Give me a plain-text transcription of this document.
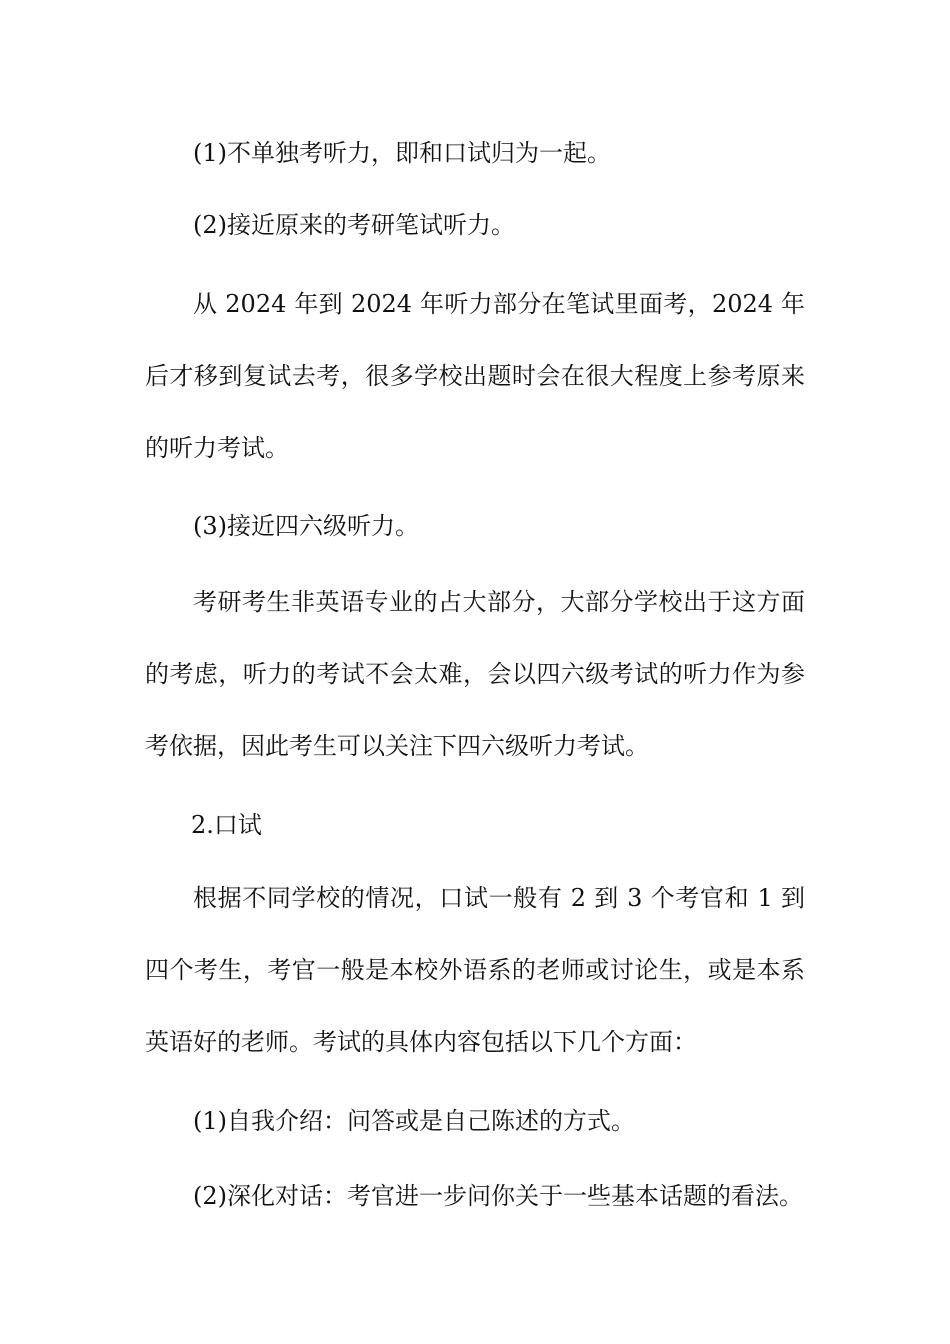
(1)不单独考听力，即和口试归为一起。

(2)接近原来的考研笔试听力。

从 2024 年到 2024 年听力部分在笔试里面考，2024 年后才移到复试去考，很多学校出题时会在很大程度上参考原来的听力考试。

(3)接近四六级听力。

考研考生非英语专业的占大部分，大部分学校出于这方面的考虑，听力的考试不会太难，会以四六级考试的听力作为参考依据，因此考生可以关注下四六级听力考试。

2.口试

根据不同学校的情况，口试一般有 2 到 3 个考官和 1 到四个考生，考官一般是本校外语系的老师或讨论生，或是本系英语好的老师。考试的具体内容包括以下几个方面：

(1)自我介绍：问答或是自己陈述的方式。

(2)深化对话：考官进一步问你关于一些基本话题的看法。
